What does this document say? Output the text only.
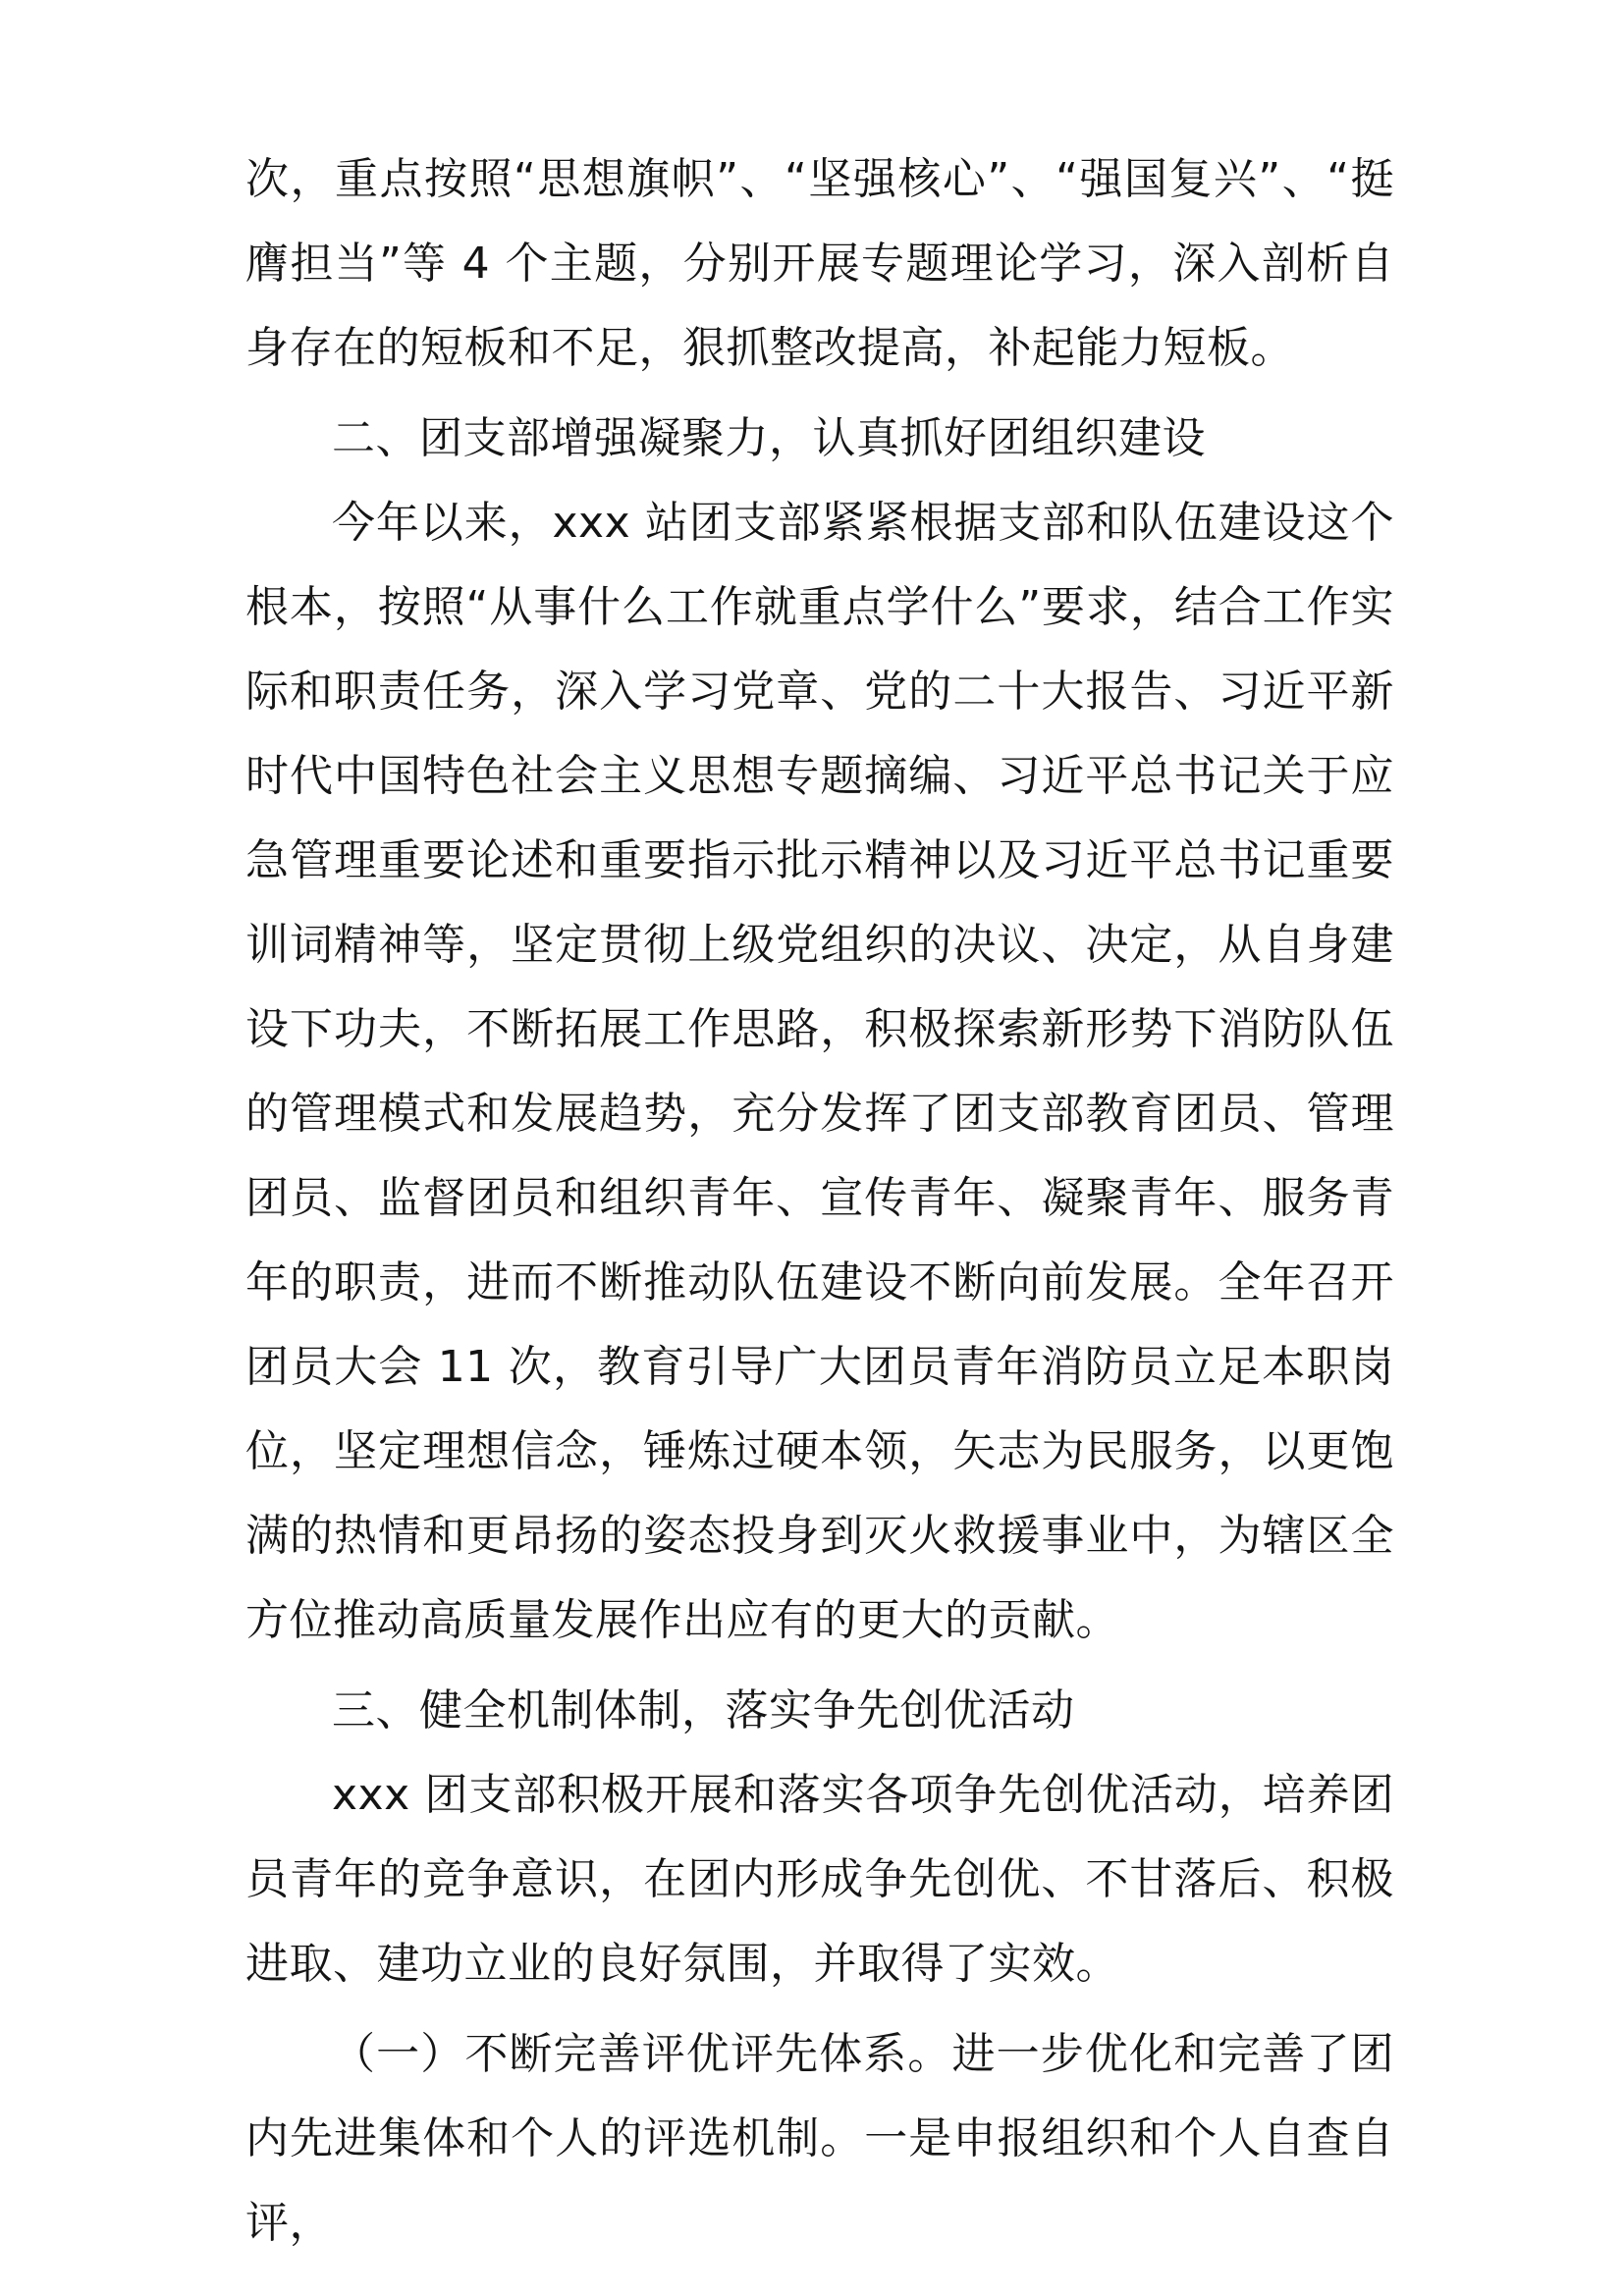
次，重点按照“思想旗帜”、“坚强核心”、“强国复兴”、“挺膺担当”等 4 个主题，分别开展专题理论学习，深入剖析自身存在的短板和不足，狠抓整改提高，补起能力短板。

二、团支部增强凝聚力，认真抓好团组织建设

今年以来，xxx 站团支部紧紧根据支部和队伍建设这个根本，按照“从事什么工作就重点学什么”要求，结合工作实际和职责任务，深入学习党章、党的二十大报告、习近平新时代中国特色社会主义思想专题摘编、习近平总书记关于应急管理重要论述和重要指示批示精神以及习近平总书记重要训词精神等，坚定贯彻上级党组织的决议、决定，从自身建设下功夫，不断拓展工作思路，积极探索新形势下消防队伍的管理模式和发展趋势，充分发挥了团支部教育团员、管理团员、监督团员和组织青年、宣传青年、凝聚青年、服务青年的职责，进而不断推动队伍建设不断向前发展。全年召开团员大会 11 次，教育引导广大团员青年消防员立足本职岗位，坚定理想信念，锤炼过硬本领，矢志为民服务，以更饱满的热情和更昂扬的姿态投身到灭火救援事业中，为辖区全方位推动高质量发展作出应有的更大的贡献。

三、健全机制体制，落实争先创优活动

xxx 团支部积极开展和落实各项争先创优活动，培养团员青年的竞争意识，在团内形成争先创优、不甘落后、积极进取、建功立业的良好氛围，并取得了实效。

（一）不断完善评优评先体系。进一步优化和完善了团内先进集体和个人的评选机制。一是申报组织和个人自查自评，
